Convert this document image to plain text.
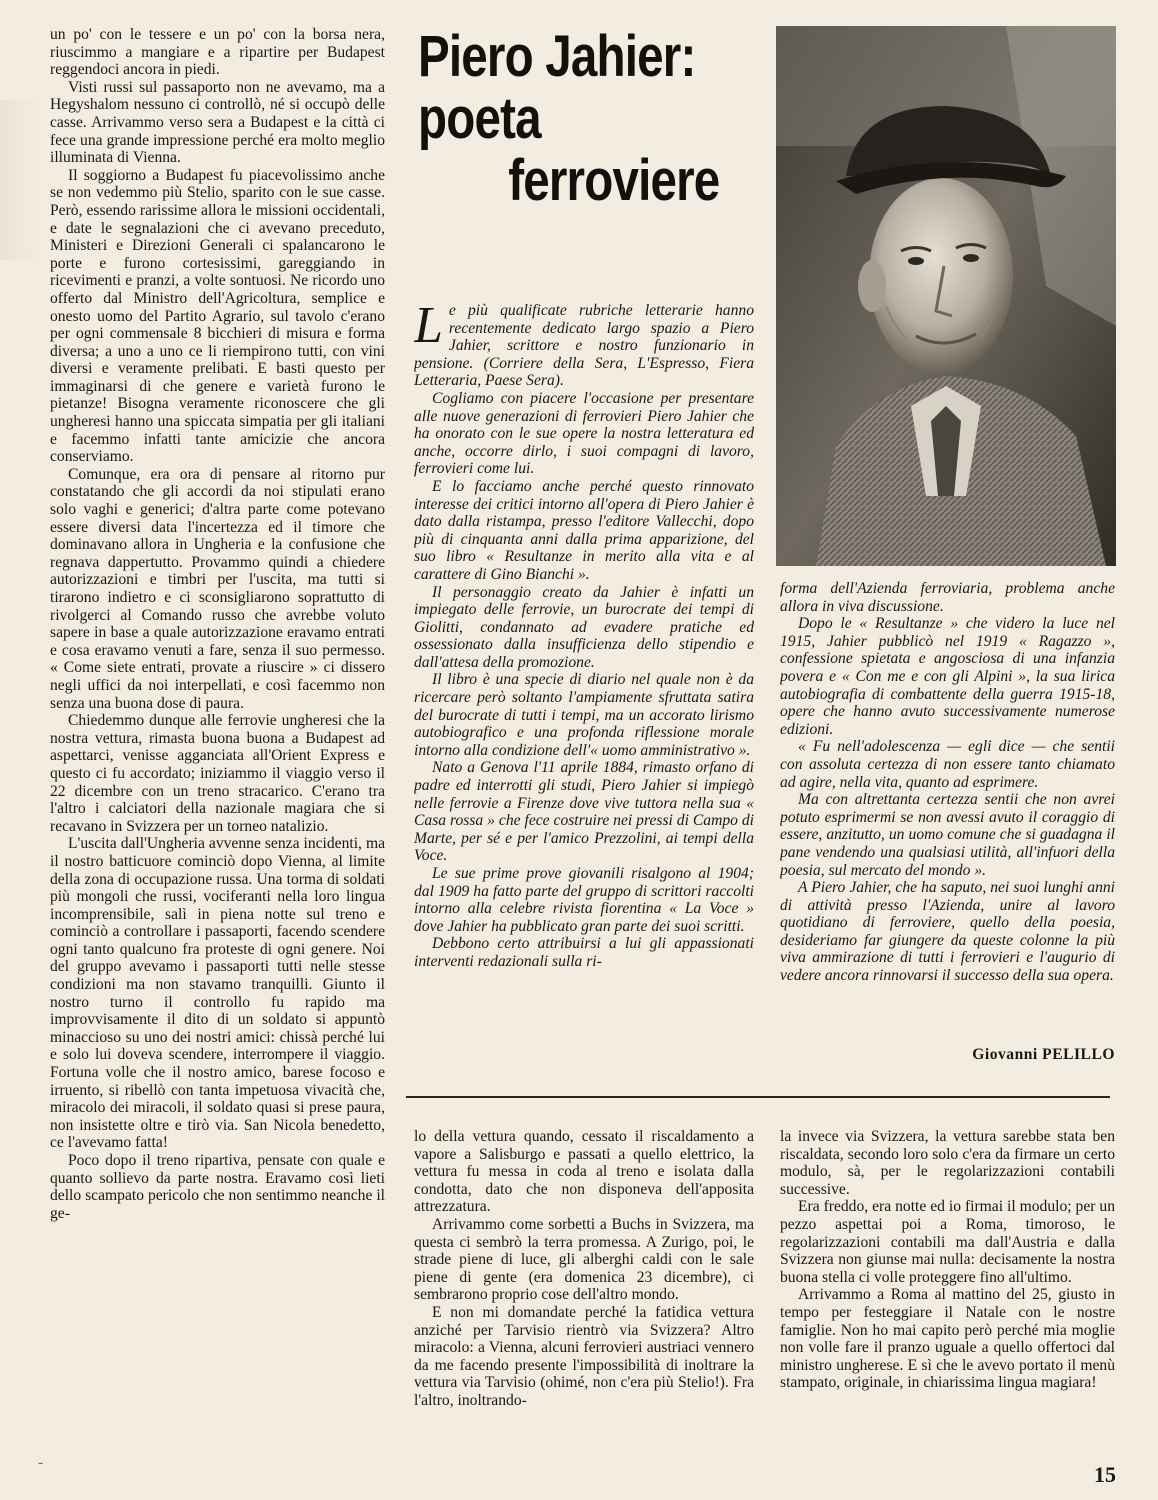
un po' con le tessere e un po' con la borsa nera, riuscimmo a mangiare e a ripartire per Budapest reggendoci ancora in piedi.

Visti russi sul passaporto non ne avevamo, ma a Hegyshalom nessuno ci controllò, né si occupò delle casse. Arrivammo verso sera a Budapest e la città ci fece una grande impressione perché era molto meglio illuminata di Vienna.

Il soggiorno a Budapest fu piacevolissimo anche se non vedemmo più Stelio, sparito con le sue casse. Però, essendo rarissime allora le missioni occidentali, e date le segnalazioni che ci avevano preceduto, Ministeri e Direzioni Generali ci spalancarono le porte e furono cortesissimi, gareggiando in ricevimenti e pranzi, a volte sontuosi. Ne ricordo uno offerto dal Ministro dell'Agricoltura, semplice e onesto uomo del Partito Agrario, sul tavolo c'erano per ogni commensale 8 bicchieri di misura e forma diversa; a uno a uno ce li riempirono tutti, con vini diversi e veramente prelibati. E basti questo per immaginarsi di che genere e varietà furono le pietanze! Bisogna veramente riconoscere che gli ungheresi hanno una spiccata simpatia per gli italiani e facemmo infatti tante amicizie che ancora conserviamo.

Comunque, era ora di pensare al ritorno pur constatando che gli accordi da noi stipulati erano solo vaghi e generici; d'altra parte come potevano essere diversi data l'incertezza ed il timore che dominavano allora in Ungheria e la confusione che regnava dappertutto. Provammo quindi a chiedere autorizzazioni e timbri per l'uscita, ma tutti si tirarono indietro e ci sconsigliarono soprattutto di rivolgerci al Comando russo che avrebbe voluto sapere in base a quale autorizzazione eravamo entrati e cosa eravamo venuti a fare, senza il suo permesso. « Come siete entrati, provate a riuscire » ci dissero negli uffici da noi interpellati, e così facemmo non senza una buona dose di paura.

Chiedemmo dunque alle ferrovie ungheresi che la nostra vettura, rimasta buona buona a Budapest ad aspettarci, venisse agganciata all'Orient Express e questo ci fu accordato; iniziammo il viaggio verso il 22 dicembre con un treno stracarico. C'erano tra l'altro i calciatori della nazionale magiara che si recavano in Svizzera per un torneo natalizio.

L'uscita dall'Ungheria avvenne senza incidenti, ma il nostro batticuore cominciò dopo Vienna, al limite della zona di occupazione russa. Una torma di soldati più mongoli che russi, vociferanti nella loro lingua incomprensibile, salì in piena notte sul treno e cominciò a controllare i passaporti, facendo scendere ogni tanto qualcuno fra proteste di ogni genere. Noi del gruppo avevamo i passaporti tutti nelle stesse condizioni ma non stavamo tranquilli. Giunto il nostro turno il controllo fu rapido ma improvvisamente il dito di un soldato si appuntò minaccioso su uno dei nostri amici: chissà perché lui e solo lui doveva scendere, interrompere il viaggio. Fortuna volle che il nostro amico, barese focoso e irruento, si ribellò con tanta impetuosa vivacità che, miracolo dei miracoli, il soldato quasi si prese paura, non insistette oltre e tirò via. San Nicola benedetto, ce l'avevamo fatta!

Poco dopo il treno ripartiva, pensate con quale e quanto sollievo da parte nostra. Eravamo così lieti dello scampato pericolo che non sentimmo neanche il ge-

Piero Jahier:
poeta
ferroviere

Le più qualificate rubriche letterarie hanno recentemente dedicato largo spazio a Piero Jahier, scrittore e nostro funzionario in pensione. (Corriere della Sera, L'Espresso, Fiera Letteraria, Paese Sera).

Cogliamo con piacere l'occasione per presentare alle nuove generazioni di ferrovieri Piero Jahier che ha onorato con le sue opere la nostra letteratura ed anche, occorre dirlo, i suoi compagni di lavoro, ferrovieri come lui.

E lo facciamo anche perché questo rinnovato interesse dei critici intorno all'opera di Piero Jahier è dato dalla ristampa, presso l'editore Vallecchi, dopo più di cinquanta anni dalla prima apparizione, del suo libro « Resultanze in merito alla vita e al carattere di Gino Bianchi ».

Il personaggio creato da Jahier è infatti un impiegato delle ferrovie, un burocrate dei tempi di Giolitti, condannato ad evadere pratiche ed ossessionato dalla insufficienza dello stipendio e dall'attesa della promozione.

Il libro è una specie di diario nel quale non è da ricercare però soltanto l'ampiamente sfruttata satira del burocrate di tutti i tempi, ma un accorato lirismo autobiografico e una profonda riflessione morale intorno alla condizione dell'« uomo amministrativo ».

Nato a Genova l'11 aprile 1884, rimasto orfano di padre ed interrotti gli studi, Piero Jahier si impiegò nelle ferrovie a Firenze dove vive tuttora nella sua « Casa rossa » che fece costruire nei pressi di Campo di Marte, per sé e per l'amico Prezzolini, ai tempi della Voce.

Le sue prime prove giovanili risalgono al 1904; dal 1909 ha fatto parte del gruppo di scrittori raccolti intorno alla celebre rivista fiorentina « La Voce » dove Jahier ha pubblicato gran parte dei suoi scritti.

Debbono certo attribuirsi a lui gli appassionati interventi redazionali sulla ri-

forma dell'Azienda ferroviaria, problema anche allora in viva discussione.

Dopo le « Resultanze » che videro la luce nel 1915, Jahier pubblicò nel 1919 « Ragazzo », confessione spietata e angosciosa di una infanzia povera e « Con me e con gli Alpini », la sua lirica autobiografia di combattente della guerra 1915-18, opere che hanno avuto successivamente numerose edizioni.

« Fu nell'adolescenza — egli dice — che sentii con assoluta certezza di non essere tanto chiamato ad agire, nella vita, quanto ad esprimere.

Ma con altrettanta certezza sentii che non avrei potuto esprimermi se non avessi avuto il coraggio di essere, anzitutto, un uomo comune che si guadagna il pane vendendo una qualsiasi utilità, all'infuori della poesia, sul mercato del mondo ».

A Piero Jahier, che ha saputo, nei suoi lunghi anni di attività presso l'Azienda, unire al lavoro quotidiano di ferroviere, quello della poesia, desideriamo far giungere da queste colonne la più viva ammirazione di tutti i ferrovieri e l'augurio di vedere ancora rinnovarsi il successo della sua opera.

Giovanni PELILLO

lo della vettura quando, cessato il riscaldamento a vapore a Salisburgo e passati a quello elettrico, la vettura fu messa in coda al treno e isolata dalla condotta, dato che non disponeva dell'apposita attrezzatura.

Arrivammo come sorbetti a Buchs in Svizzera, ma questa ci sembrò la terra promessa. A Zurigo, poi, le strade piene di luce, gli alberghi caldi con le sale piene di gente (era domenica 23 dicembre), ci sembrarono proprio cose dell'altro mondo.

E non mi domandate perché la fatidica vettura anziché per Tarvisio rientrò via Svizzera? Altro miracolo: a Vienna, alcuni ferrovieri austriaci vennero da me facendo presente l'impossibilità di inoltrare la vettura via Tarvisio (ohimé, non c'era più Stelio!). Fra l'altro, inoltrando-

la invece via Svizzera, la vettura sarebbe stata ben riscaldata, secondo loro solo c'era da firmare un certo modulo, sà, per le regolarizzazioni contabili successive.

Era freddo, era notte ed io firmai il modulo; per un pezzo aspettai poi a Roma, timoroso, le regolarizzazioni contabili ma dall'Austria e dalla Svizzera non giunse mai nulla: decisamente la nostra buona stella ci volle proteggere fino all'ultimo.

Arrivammo a Roma al mattino del 25, giusto in tempo per festeggiare il Natale con le nostre famiglie. Non ho mai capito però perché mia moglie non volle fare il pranzo uguale a quello offertoci dal ministro ungherese. E sì che le avevo portato il menù stampato, originale, in chiarissima lingua magiara!

-	15
